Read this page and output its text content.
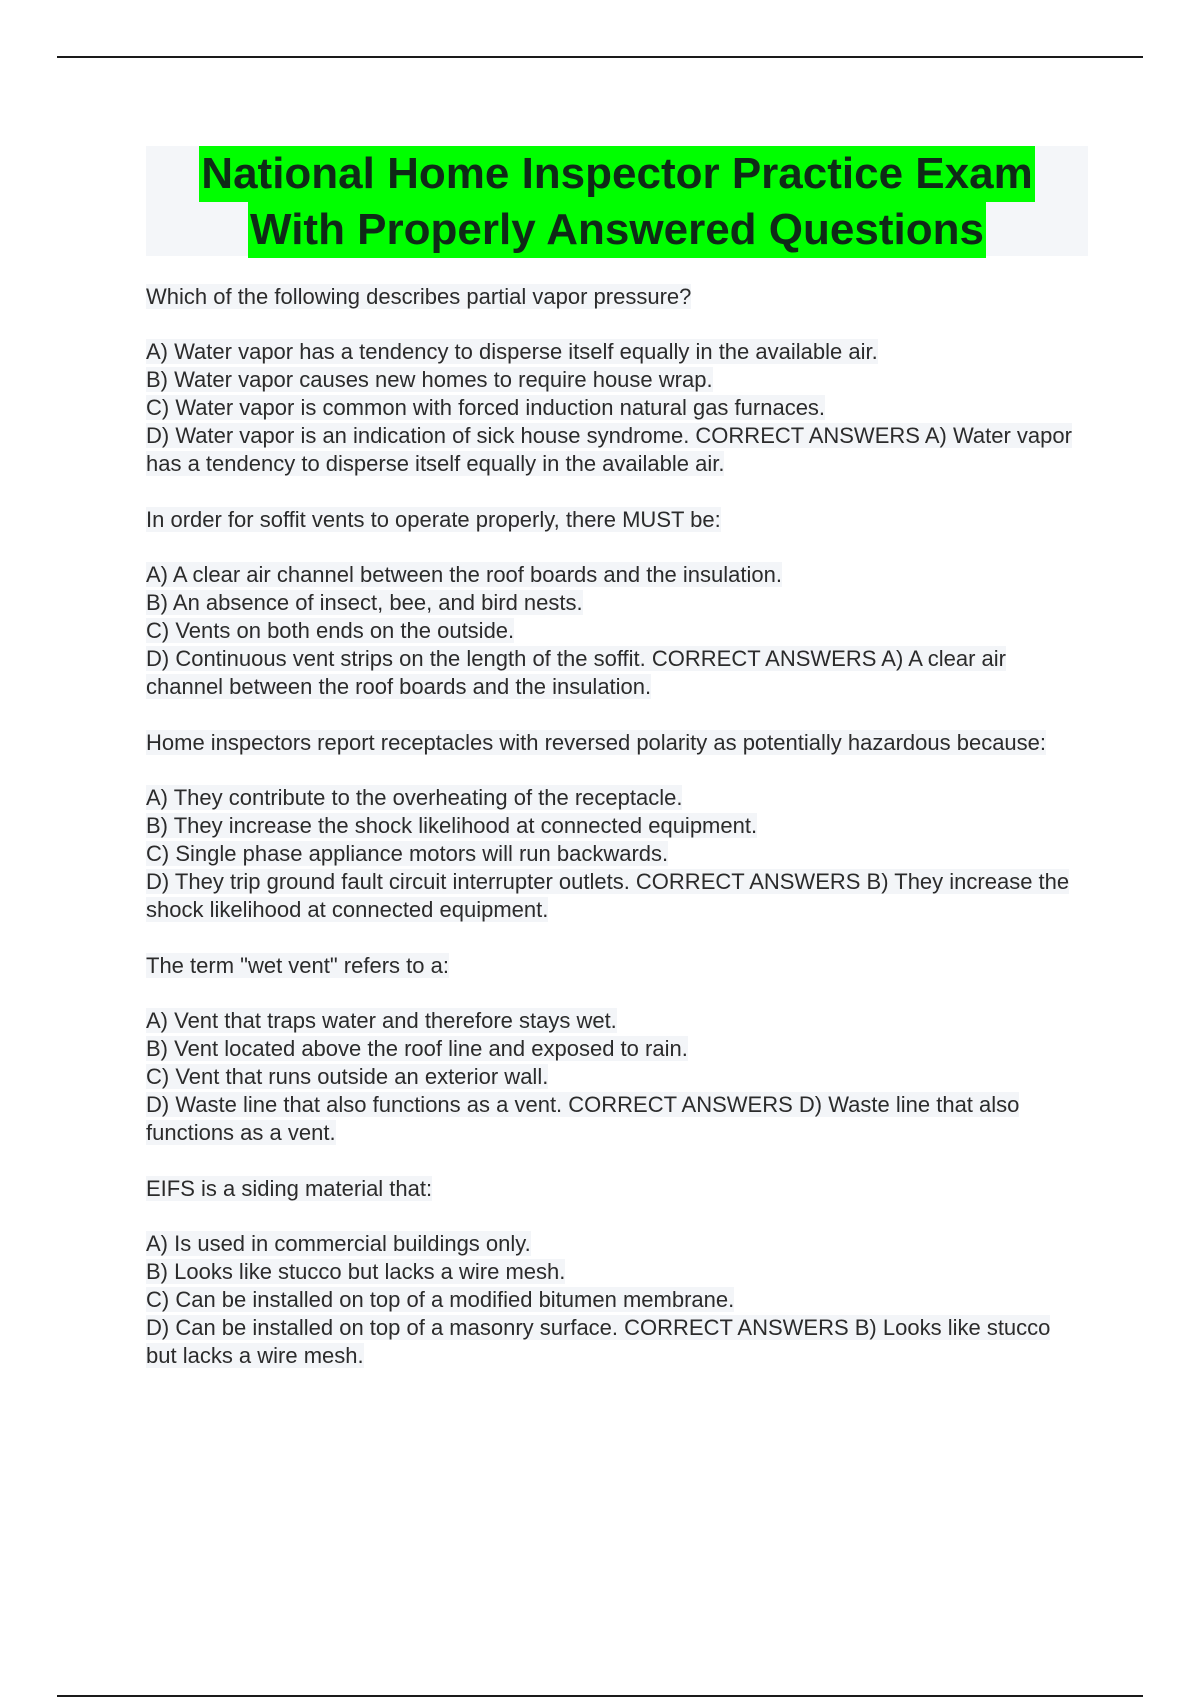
National Home Inspector Practice Exam
With Properly Answered Questions
Which of the following describes partial vapor pressure?
A) Water vapor has a tendency to disperse itself equally in the available air.
B) Water vapor causes new homes to require house wrap.
C) Water vapor is common with forced induction natural gas furnaces.
D) Water vapor is an indication of sick house syndrome. CORRECT ANSWERS A) Water vapor has a tendency to disperse itself equally in the available air.
In order for soffit vents to operate properly, there MUST be:
A) A clear air channel between the roof boards and the insulation.
B) An absence of insect, bee, and bird nests.
C) Vents on both ends on the outside.
D) Continuous vent strips on the length of the soffit. CORRECT ANSWERS A) A clear air channel between the roof boards and the insulation.
Home inspectors report receptacles with reversed polarity as potentially hazardous because:
A) They contribute to the overheating of the receptacle.
B) They increase the shock likelihood at connected equipment.
C) Single phase appliance motors will run backwards.
D) They trip ground fault circuit interrupter outlets. CORRECT ANSWERS B) They increase the shock likelihood at connected equipment.
The term "wet vent" refers to a:
A) Vent that traps water and therefore stays wet.
B) Vent located above the roof line and exposed to rain.
C) Vent that runs outside an exterior wall.
D) Waste line that also functions as a vent. CORRECT ANSWERS D) Waste line that also functions as a vent.
EIFS is a siding material that:
A) Is used in commercial buildings only.
B) Looks like stucco but lacks a wire mesh.
C) Can be installed on top of a modified bitumen membrane.
D) Can be installed on top of a masonry surface. CORRECT ANSWERS B) Looks like stucco but lacks a wire mesh.
